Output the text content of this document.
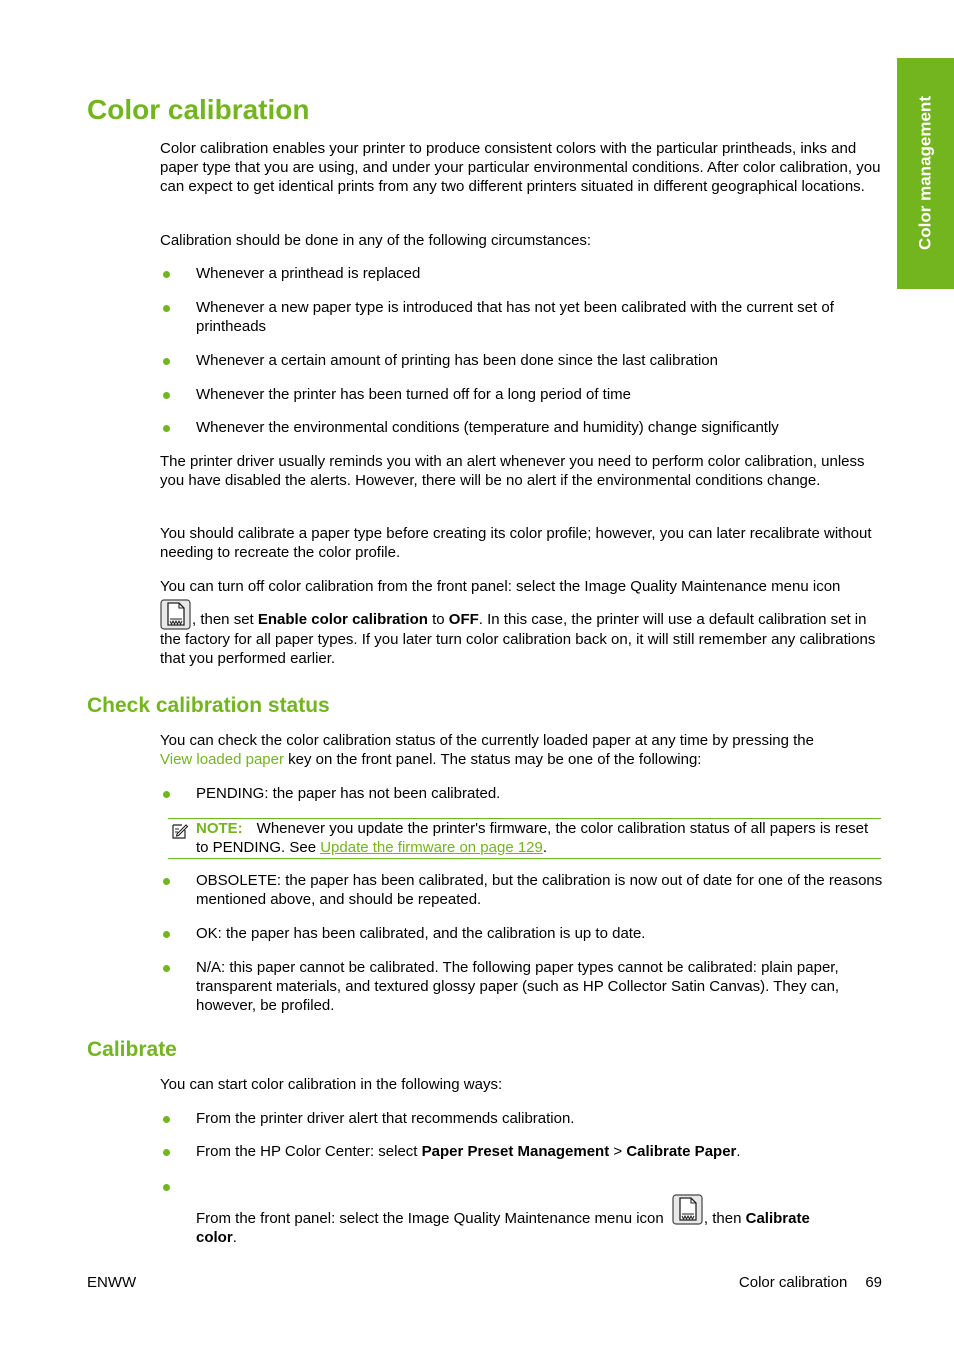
Color management
Color calibration

Color calibration enables your printer to produce consistent colors with the particular printheads, inks and paper type that you are using, and under your particular environmental conditions. After color calibration, you can expect to get identical prints from any two different printers situated in different geographical locations.

Calibration should be done in any of the following circumstances:

Whenever a printhead is replaced

Whenever a new paper type is introduced that has not yet been calibrated with the current set of printheads

Whenever a certain amount of printing has been done since the last calibration

Whenever the printer has been turned off for a long period of time

Whenever the environmental conditions (temperature and humidity) change significantly

The printer driver usually reminds you with an alert whenever you need to perform color calibration, unless you have disabled the alerts. However, there will be no alert if the environmental conditions change.

You should calibrate a paper type before creating its color profile; however, you can later recalibrate without needing to recreate the color profile.

You can turn off color calibration from the front panel: select the Image Quality Maintenance menu icon
, then set Enable color calibration to OFF. In this case, the printer will use a default calibration set in the factory for all paper types. If you later turn color calibration back on, it will still remember any calibrations that you performed earlier.
Check calibration status
You can check the color calibration status of the currently loaded paper at any time by pressing the
View loaded paper key on the front panel. The status may be one of the following:

PENDING: the paper has not been calibrated.

NOTE: Whenever you update the printer's firmware, the color calibration status of all papers is reset to PENDING. See Update the firmware on page 129.

OBSOLETE: the paper has been calibrated, but the calibration is now out of date for one of the reasons mentioned above, and should be repeated.

OK: the paper has been calibrated, and the calibration is up to date.

N/A: this paper cannot be calibrated. The following paper types cannot be calibrated: plain paper, transparent materials, and textured glossy paper (such as HP Collector Satin Canvas). They can, however, be profiled.

Calibrate

You can start color calibration in the following ways:

From the printer driver alert that recommends calibration.

From the HP Color Center: select Paper Preset Management > Calibrate Paper.

From the front panel: select the Image Quality Maintenance menu icon	, then Calibrate
color.
ENWW	Color calibration 69
